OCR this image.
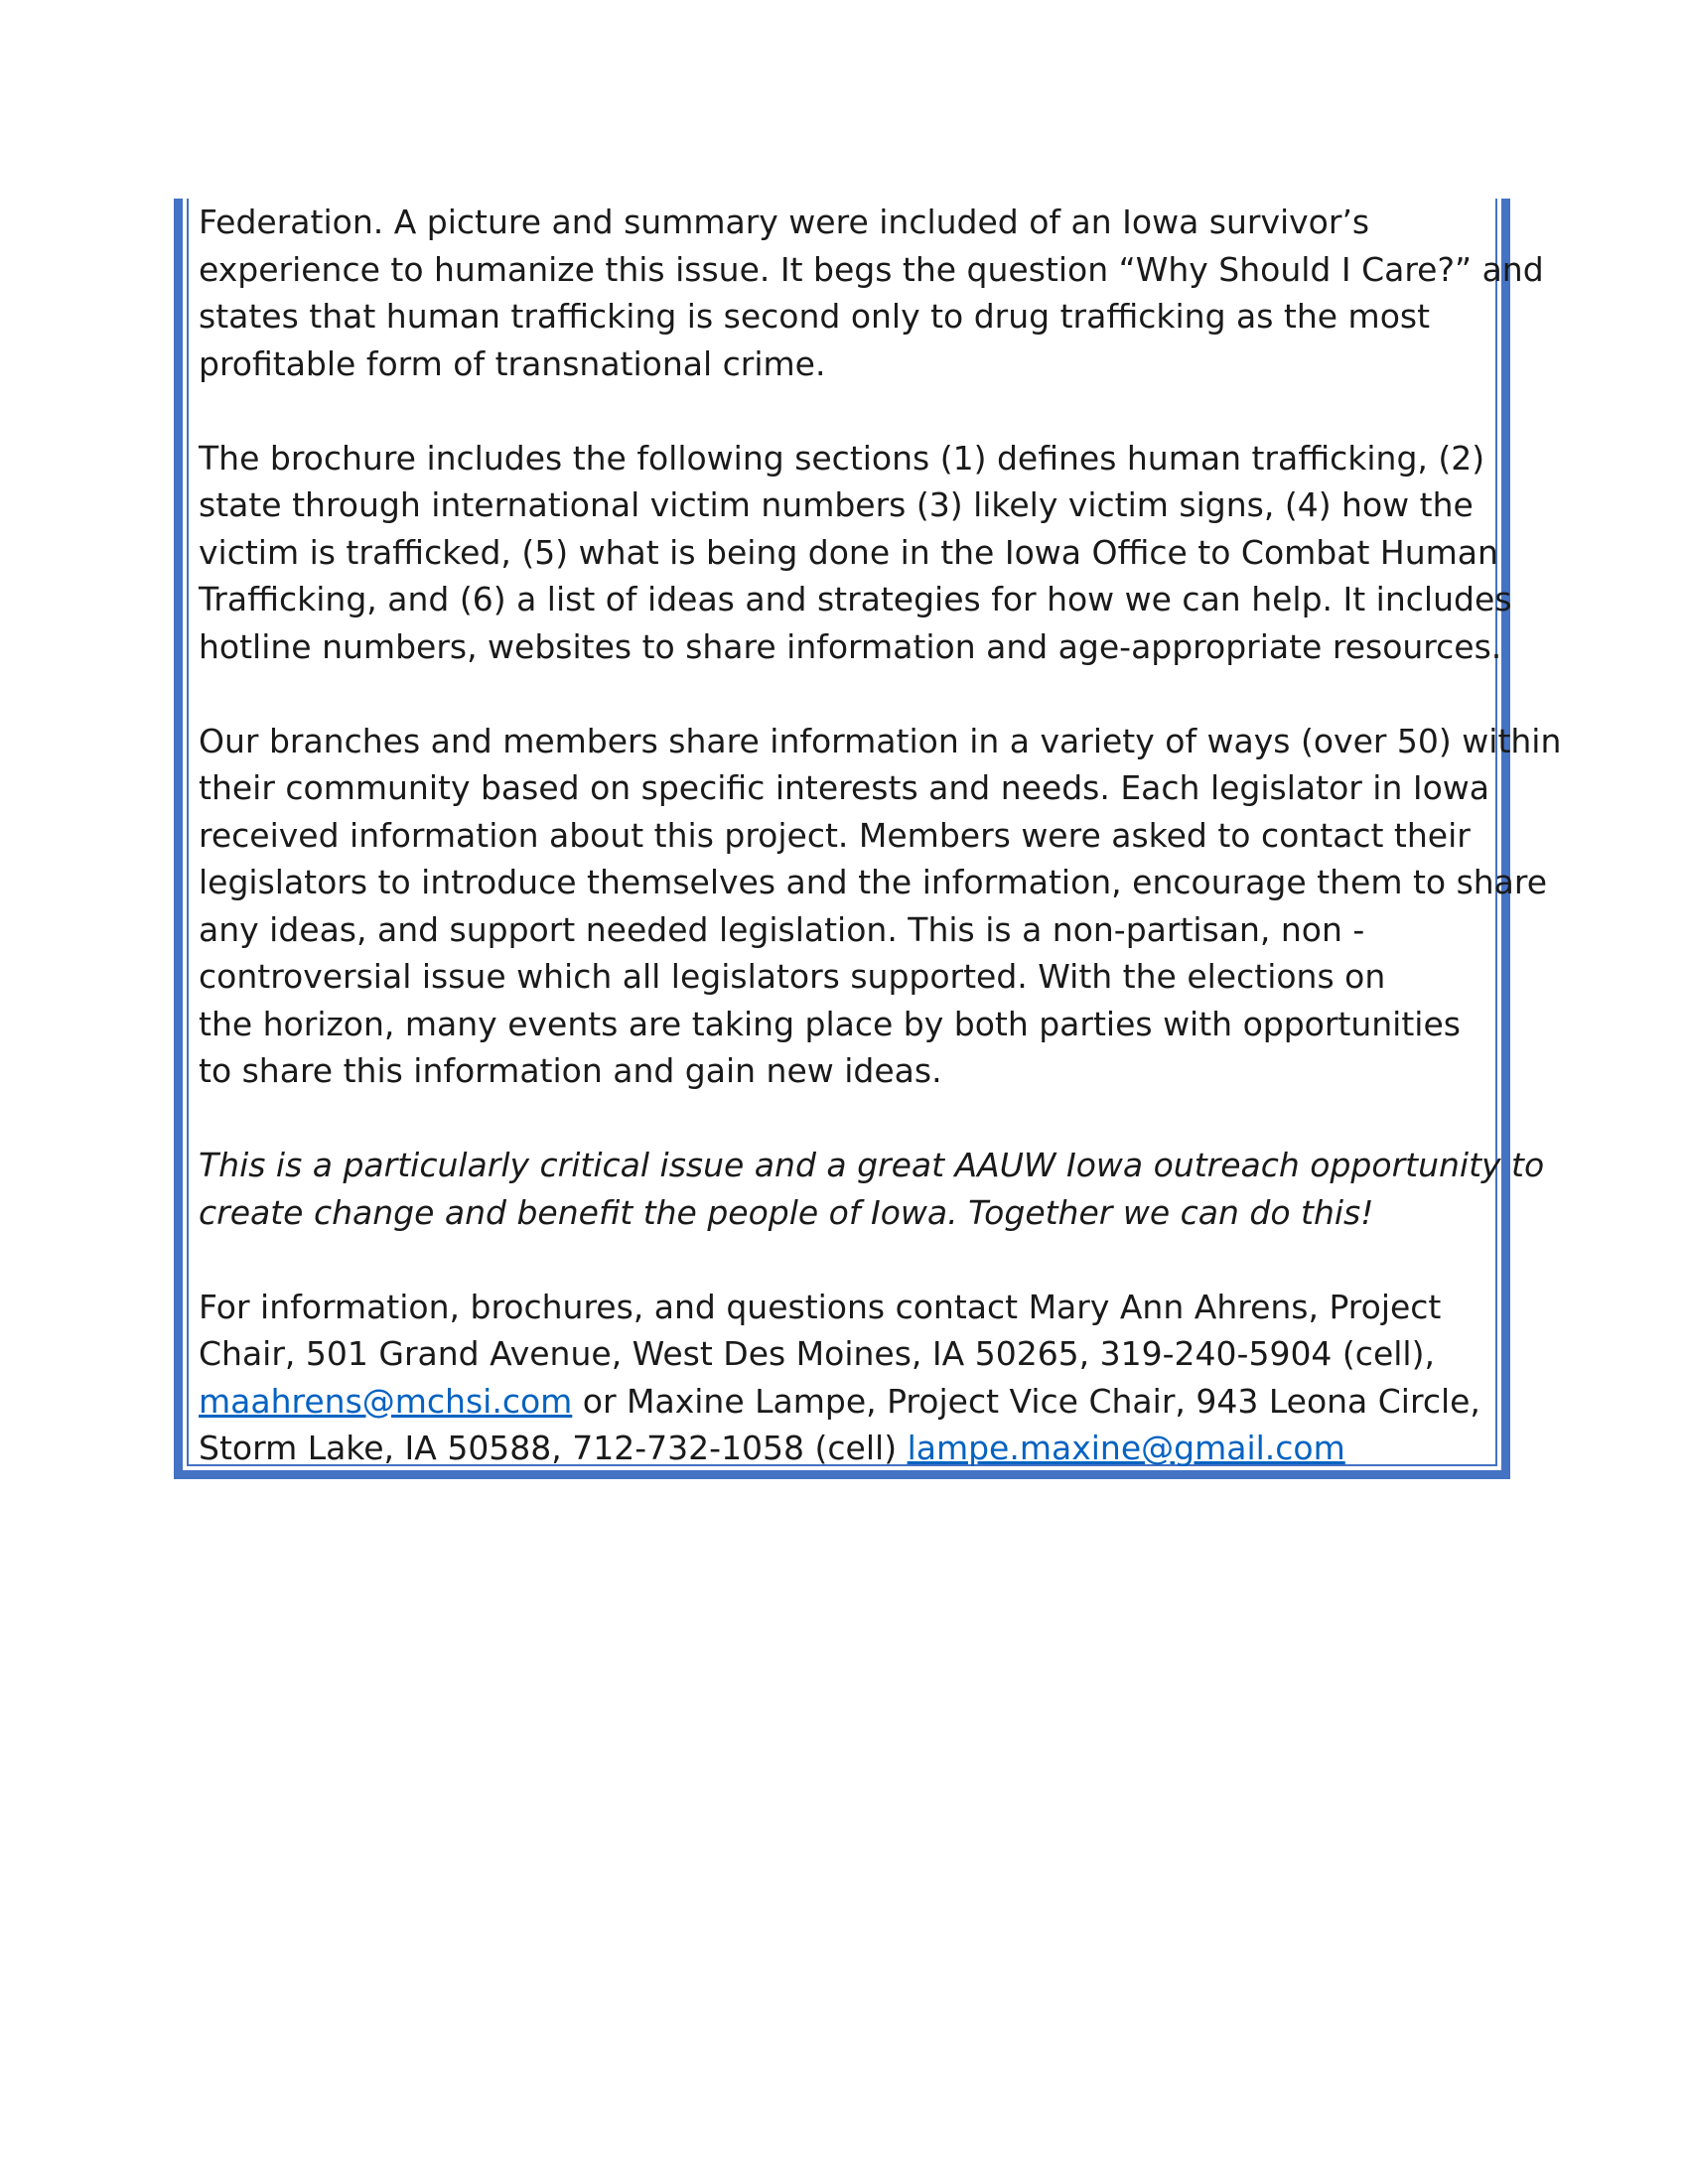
Federation. A picture and summary were included of an Iowa survivor’s
experience to humanize this issue. It begs the question “Why Should I Care?” and
states that human trafficking is second only to drug trafficking as the most
profitable form of transnational crime.

The brochure includes the following sections (1) defines human trafficking, (2)
state through international victim numbers (3) likely victim signs, (4) how the
victim is trafficked, (5) what is being done in the Iowa Office to Combat Human
Trafficking, and (6) a list of ideas and strategies for how we can help. It includes
hotline numbers, websites to share information and age-appropriate resources.

Our branches and members share information in a variety of ways (over 50) within
their community based on specific interests and needs. Each legislator in Iowa
received information about this project. Members were asked to contact their
legislators to introduce themselves and the information, encourage them to share
any ideas, and support needed legislation. This is a non-partisan, non -
controversial issue which all legislators supported. With the elections on
the horizon, many events are taking place by both parties with opportunities
to share this information and gain new ideas.

This is a particularly critical issue and a great AAUW Iowa outreach opportunity to
create change and benefit the people of Iowa. Together we can do this!

For information, brochures, and questions contact Mary Ann Ahrens, Project
Chair, 501 Grand Avenue, West Des Moines, IA 50265, 319-240-5904 (cell),
maahrens@mchsi.com or Maxine Lampe, Project Vice Chair, 943 Leona Circle,
Storm Lake, IA 50588, 712-732-1058 (cell) lampe.maxine@gmail.com
